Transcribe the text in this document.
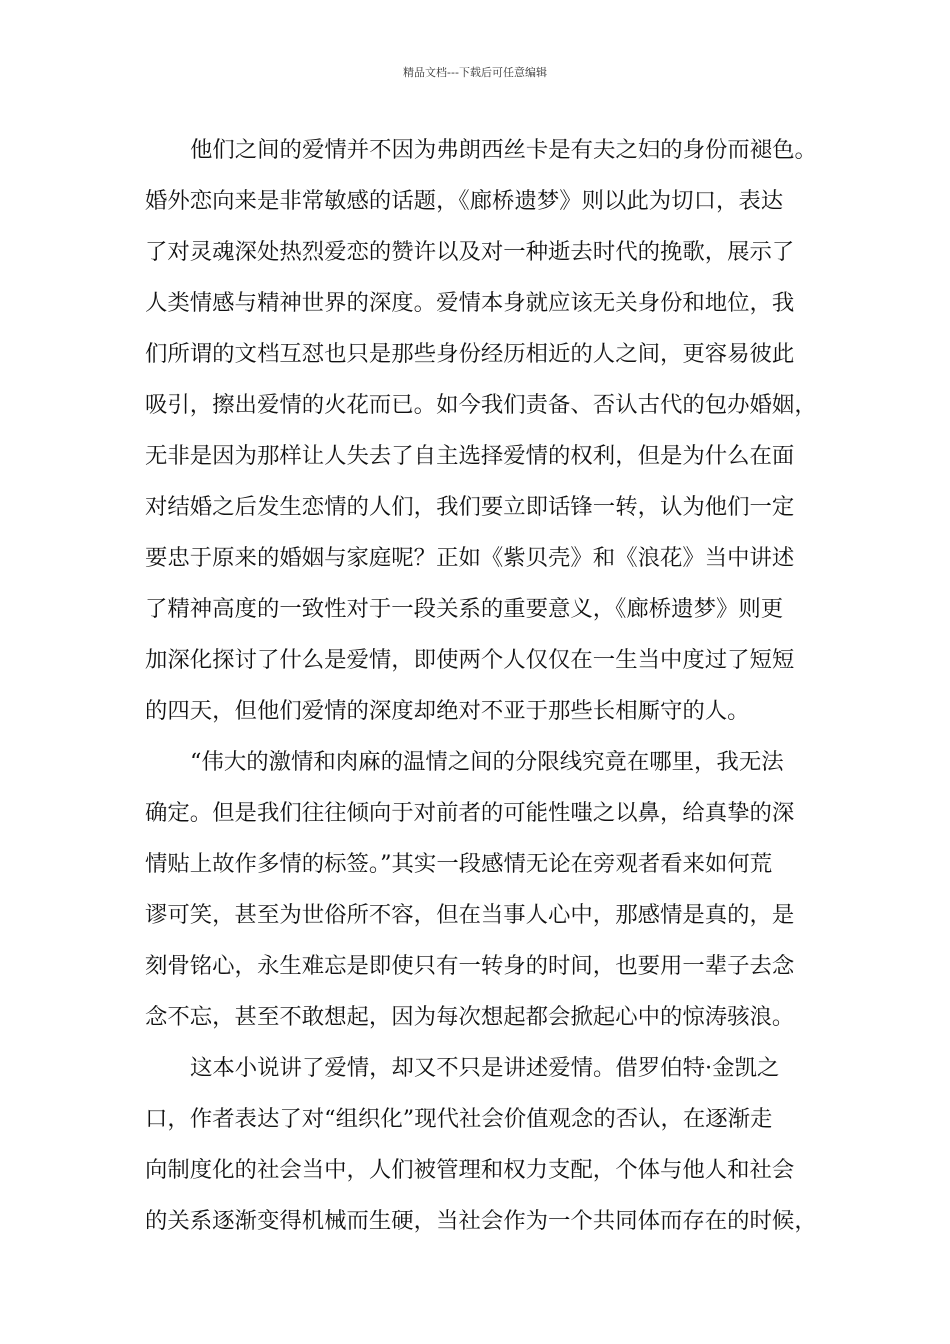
精品文档---下载后可任意编辑
他们之间的爱情并不因为弗朗西丝卡是有夫之妇的身份而褪色。
婚外恋向来是非常敏感的话题，《廊桥遗梦》则以此为切口，表达
了对灵魂深处热烈爱恋的赞许以及对一种逝去时代的挽歌，展示了
人类情感与精神世界的深度。爱情本身就应该无关身份和地位，我
们所谓的文档互怼也只是那些身份经历相近的人之间，更容易彼此
吸引，擦出爱情的火花而已。如今我们责备、否认古代的包办婚姻，
无非是因为那样让人失去了自主选择爱情的权利，但是为什么在面
对结婚之后发生恋情的人们，我们要立即话锋一转，认为他们一定
要忠于原来的婚姻与家庭呢？正如《紫贝壳》和《浪花》当中讲述
了精神高度的一致性对于一段关系的重要意义，《廊桥遗梦》则更
加深化探讨了什么是爱情，即使两个人仅仅在一生当中度过了短短
的四天，但他们爱情的深度却绝对不亚于那些长相厮守的人。
“伟大的激情和肉麻的温情之间的分限线究竟在哪里，我无法
确定。但是我们往往倾向于对前者的可能性嗤之以鼻，给真挚的深
情贴上故作多情的标签。”其实一段感情无论在旁观者看来如何荒
谬可笑，甚至为世俗所不容，但在当事人心中，那感情是真的，是
刻骨铭心，永生难忘是即使只有一转身的时间，也要用一辈子去念
念不忘，甚至不敢想起，因为每次想起都会掀起心中的惊涛骇浪。
这本小说讲了爱情，却又不只是讲述爱情。借罗伯特·金凯之
口，作者表达了对“组织化”现代社会价值观念的否认，在逐渐走
向制度化的社会当中，人们被管理和权力支配，个体与他人和社会
的关系逐渐变得机械而生硬，当社会作为一个共同体而存在的时候，
